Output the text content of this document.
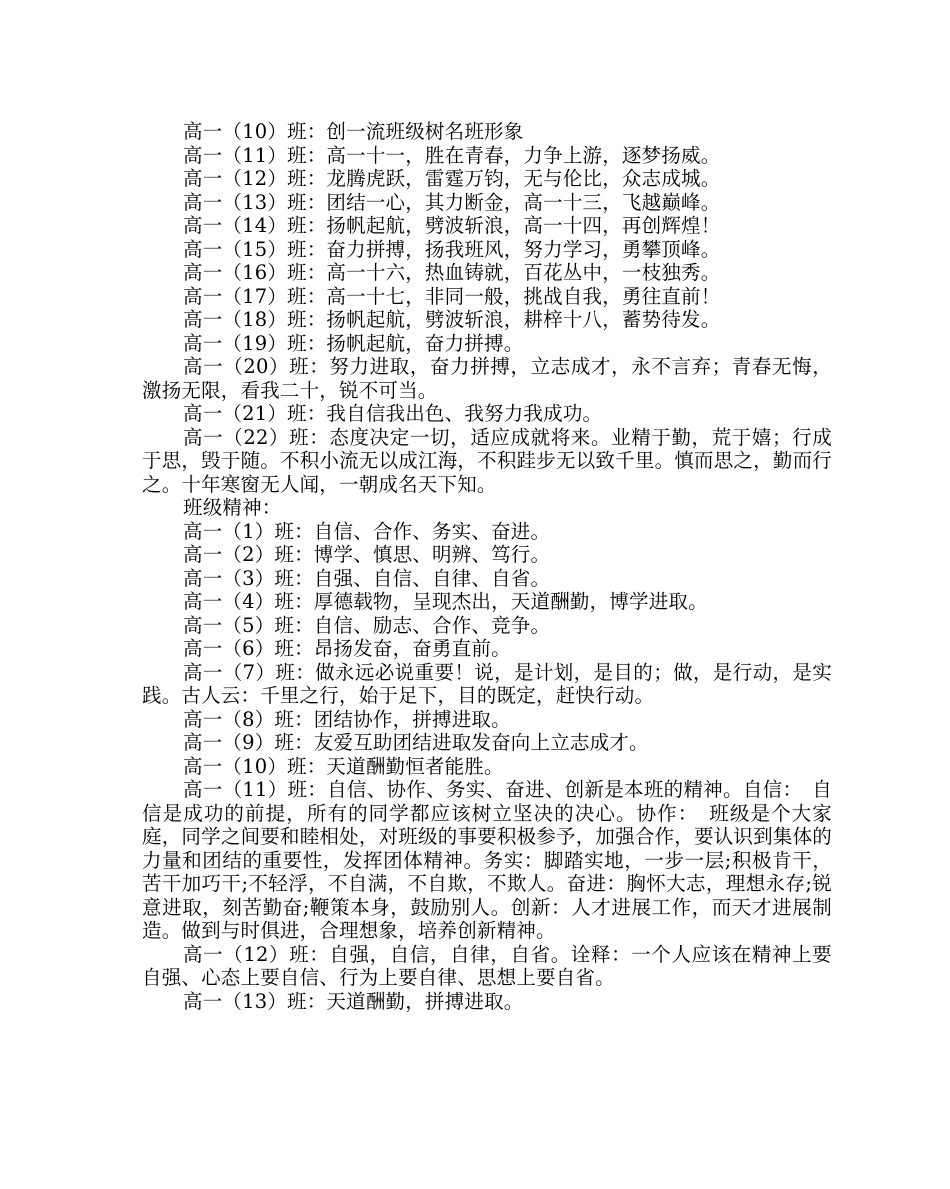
高一（10）班：创一流班级树名班形象

高一（11）班：高一十一，胜在青春，力争上游，逐梦扬威。

高一（12）班：龙腾虎跃，雷霆万钧，无与伦比，众志成城。

高一（13）班：团结一心，其力断金，高一十三，飞越巅峰。

高一（14）班：扬帆起航，劈波斩浪，高一十四，再创辉煌！

高一（15）班：奋力拼搏，扬我班风，努力学习，勇攀顶峰。

高一（16）班：高一十六，热血铸就，百花丛中，一枝独秀。

高一（17）班：高一十七，非同一般，挑战自我，勇往直前！

高一（18）班：扬帆起航，劈波斩浪，耕梓十八，蓄势待发。

高一（19）班：扬帆起航，奋力拼搏。

高一（20）班：努力进取，奋力拼搏，立志成才，永不言弃；青春无悔，激扬无限，看我二十，锐不可当。

高一（21）班：我自信我出色、我努力我成功。

高一（22）班：态度决定一切，适应成就将来。业精于勤，荒于嬉；行成于思，毁于随。不积小流无以成江海，不积跬步无以致千里。慎而思之，勤而行之。十年寒窗无人闻，一朝成名天下知。

班级精神：

高一（1）班：自信、合作、务实、奋进。

高一（2）班：博学、慎思、明辨、笃行。

高一（3）班：自强、自信、自律、自省。

高一（4）班：厚德载物，呈现杰出，天道酬勤，博学进取。

高一（5）班：自信、励志、合作、竞争。

高一（6）班：昂扬发奋，奋勇直前。

高一（7）班：做永远必说重要！说，是计划，是目的；做，是行动，是实践。古人云：千里之行，始于足下，目的既定，赶快行动。

高一（8）班：团结协作，拼搏进取。

高一（9）班：友爱互助团结进取发奋向上立志成才。

高一（10）班：天道酬勤恒者能胜。

高一（11）班：自信、协作、务实、奋进、创新是本班的精神。自信：　自信是成功的前提，所有的同学都应该树立坚决的决心。协作：　班级是个大家庭，同学之间要和睦相处，对班级的事要积极参予，加强合作，要认识到集体的力量和团结的重要性，发挥团体精神。务实：脚踏实地，一步一层;积极肯干，苦干加巧干;不轻浮，不自满，不自欺，不欺人。奋进：胸怀大志，理想永存;锐意进取，刻苦勤奋;鞭策本身，鼓励别人。创新：人才进展工作，而天才进展制造。做到与时俱进，合理想象，培养创新精神。

高一（12）班：自强，自信，自律，自省。诠释：一个人应该在精神上要自强、心态上要自信、行为上要自律、思想上要自省。

高一（13）班：天道酬勤，拼搏进取。
